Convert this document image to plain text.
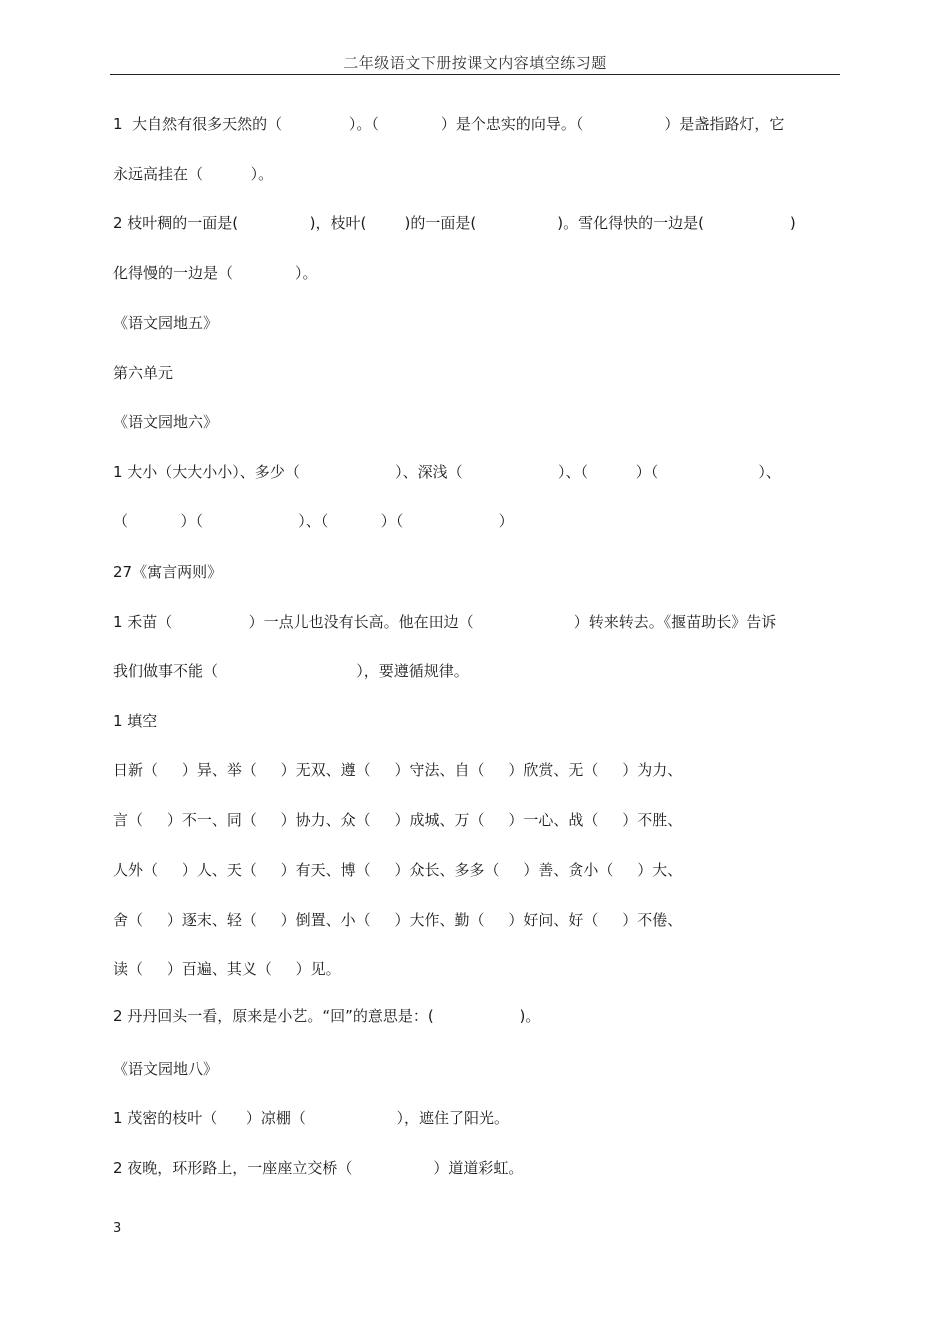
二年级语文下册按课文内容填空练习题
1  大自然有很多天然的（              ）。（             ）是个忠实的向导。（                 ）是盏指路灯，它
永远高挂在（          ）。
2 枝叶稠的一面是(               )，枝叶(        )的一面是(                 )。雪化得快的一边是(                  )
化得慢的一边是（             ）。
《语文园地五》
第六单元
《语文园地六》
1 大小（大大小小）、多少（                    ）、深浅（                    ）、（          ）（                     ）、
（           ）（                    ）、（           ）（                    ）
27《寓言两则》
1 禾苗（                ）一点儿也没有长高。他在田边（                     ）转来转去。《揠苗助长》告诉
我们做事不能（                             ），要遵循规律。
1 填空
日新（     ）异、举（     ）无双、遵（     ）守法、自（     ）欣赏、无（     ）为力、
言（     ）不一、同（     ）协力、众（     ）成城、万（     ）一心、战（     ）不胜、
人外（     ）人、天（     ）有天、博（     ）众长、多多（     ）善、贪小（     ）大、
舍（     ）逐末、轻（     ）倒置、小（     ）大作、勤（     ）好问、好（     ）不倦、
读（     ）百遍、其义（     ）见。
2 丹丹回头一看，原来是小艺。“回”的意思是：(                  )。
《语文园地八》
1 茂密的枝叶（      ）凉棚（                   ），遮住了阳光。
2 夜晚，环形路上，一座座立交桥（                 ）道道彩虹。
3
